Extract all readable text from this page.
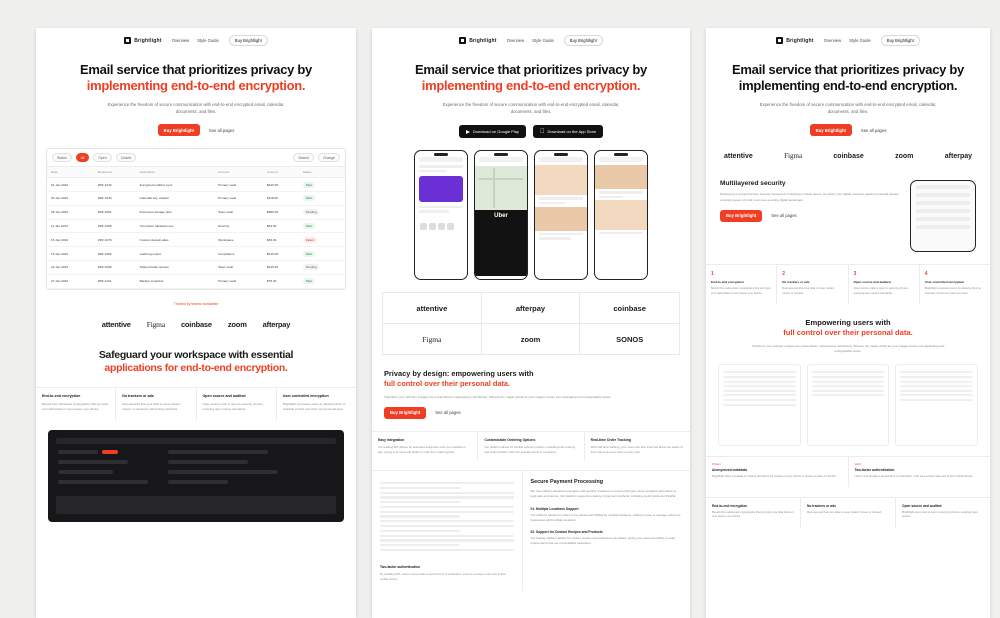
Brightlight Overview Style Guide	Buy Brightlight
Email service that prioritizes privacy by
implementing end-to-end encryption.

Experience the freedom of secure communication with end-to-end encrypted email, calendar, documents, and files.

Buy Brightlight	See all pages
Status	All	Open	Closed	Search	Change
Date	Reference	Description	Account	Amount	Status
01 Jan 2024	#RF-1042	Encrypted mailbox sync	Primary vault	$420.00	Paid
03 Jan 2024	#RF-1043	Calendar key rotation	Primary vault	$118.50	Paid
08 Jan 2024	#RF-1051	Document storage plan	Team vault	$980.00	Pending
11 Jan 2024	#RF-1066	Two-factor hardware key	Security	$64.00	Paid
15 Jan 2024	#RF-1070	Custom domain alias	Workspace	$36.00	Failed
19 Jan 2024	#RF-1082	Audit log export	Compliance	$210.00	Paid
22 Jan 2024	#RF-1090	Shared folder access	Team vault	$145.25	Pending
27 Jan 2024	#RF-1101	Backup snapshot	Primary vault	$78.40	Paid
Trusted by teams worldwide
attentive Figma coinbase zoom afterpay
Safeguard your workspace with essential
applications for end-to-end encryption.
End-to-end encryption

Benefit from advanced cryptography that encrypts your data before it ever leaves your device.

No trackers or ads

Rest assured that your data is never traded, mined, or refused to advertising networks.

Open source and audited

Open source code is open to security primers, ensuring open source standards.

User-controlled encryption

Brightlight empowers users by allowing them to maintain control over their own personal keys.

Brightlight Overview Style Guide	Buy Brightlight
Email service that prioritizes privacy by
implementing end-to-end encryption.

Experience the freedom of secure communication with end-to-end encrypted email, calendar, documents, and files.

Download on Google Play	Download on the App Store
Uber
attentive	afterpay	coinbase
Figma	zoom	SONOS
Privacy by design: empowering users with
full control over their personal data.

Transform your ordinary images into extraordinary masterpieces effortlessly. Witness the magic unfold as your images evolve into captivating and unforgettable works.

Buy Brightlight	See all pages
Easy Integration

Our leading API utilizes for seamless integration with your website or app, giving your users the ability to order from naked goods.

Customizable Ordering Options

Our platform allows for flexible ordering options, including bulk ordering and customizable orders for special events or occasions.

Real-time Order Tracking

With real-time tracking, your users can stay informed about the status of their orders at every step of every step.

Two-factor authentication

By enabling 2FA, users must provide a second form of verification, such as a unique code sent to their mobile device.

Secure Payment Processing

We use industry-standard encryption and security measures to ensure that your users' sensitive information is kept safe and secure. Our platform supports a variety of payment methods, including credit cards and PayPal.

01. Multiple Locations Support

Our platform allows for orders to be placed and fulfilled by multiple locations, making it easy to manage orders for businesses with multiple locations.

02. Support for Custom Recipes and Products

Our baking platform allows for custom recipes and products to be added, giving your users the ability to order unique items that are not available elsewhere.

Brightlight Overview Style Guide	Buy Brightlight
Email service that prioritizes privacy by
implementing end-to-end encryption.

Experience the freedom of secure communication with end-to-end encrypted email, calendar, documents, and files.

Buy Brightlight	See all pages
attentive	Figma	coinbase	zoom	afterpay
Multilayered security

Employing a comprehensive security framework containing multiple layers, we fortify your digital presence against potential threats, ensuring peace of mind in an ever-evolving digital landscape.

Buy Brightlight	See all pages
1
End-to-end encryption

Benefit from advanced cryptography that encrypts your data before it ever leaves your device.

2
No trackers or ads

Rest assured that your data is never traded, mined, or refused.

3
Open source and audited

Open source code is open to security primers, ensuring open source standards.

4
User-controlled encryption

Brightlight empowers users by allowing them to maintain control over their own keys.

Empowering users with
full control over their personal data.

Transform your ordinary images into extraordinary masterpieces effortlessly. Witness the magic unfold as your images evolve into captivating and unforgettable works.

Protect
Anonymized metadata

Brightlight strips metadata so nothing identifying the location of your device or photos remains on the file.

Verify
Two-factor authentication

Users must provide a second form of verification, such as a unique code sent to their mobile device.

End-to-end encryption

Benefit from advanced cryptography that encrypts your data before it ever leaves your device.

No trackers or ads

Rest assured that your data is never traded, mined, or refused.

Open source and audited

Brightlight open code is open to security primers, ensuring open source.
